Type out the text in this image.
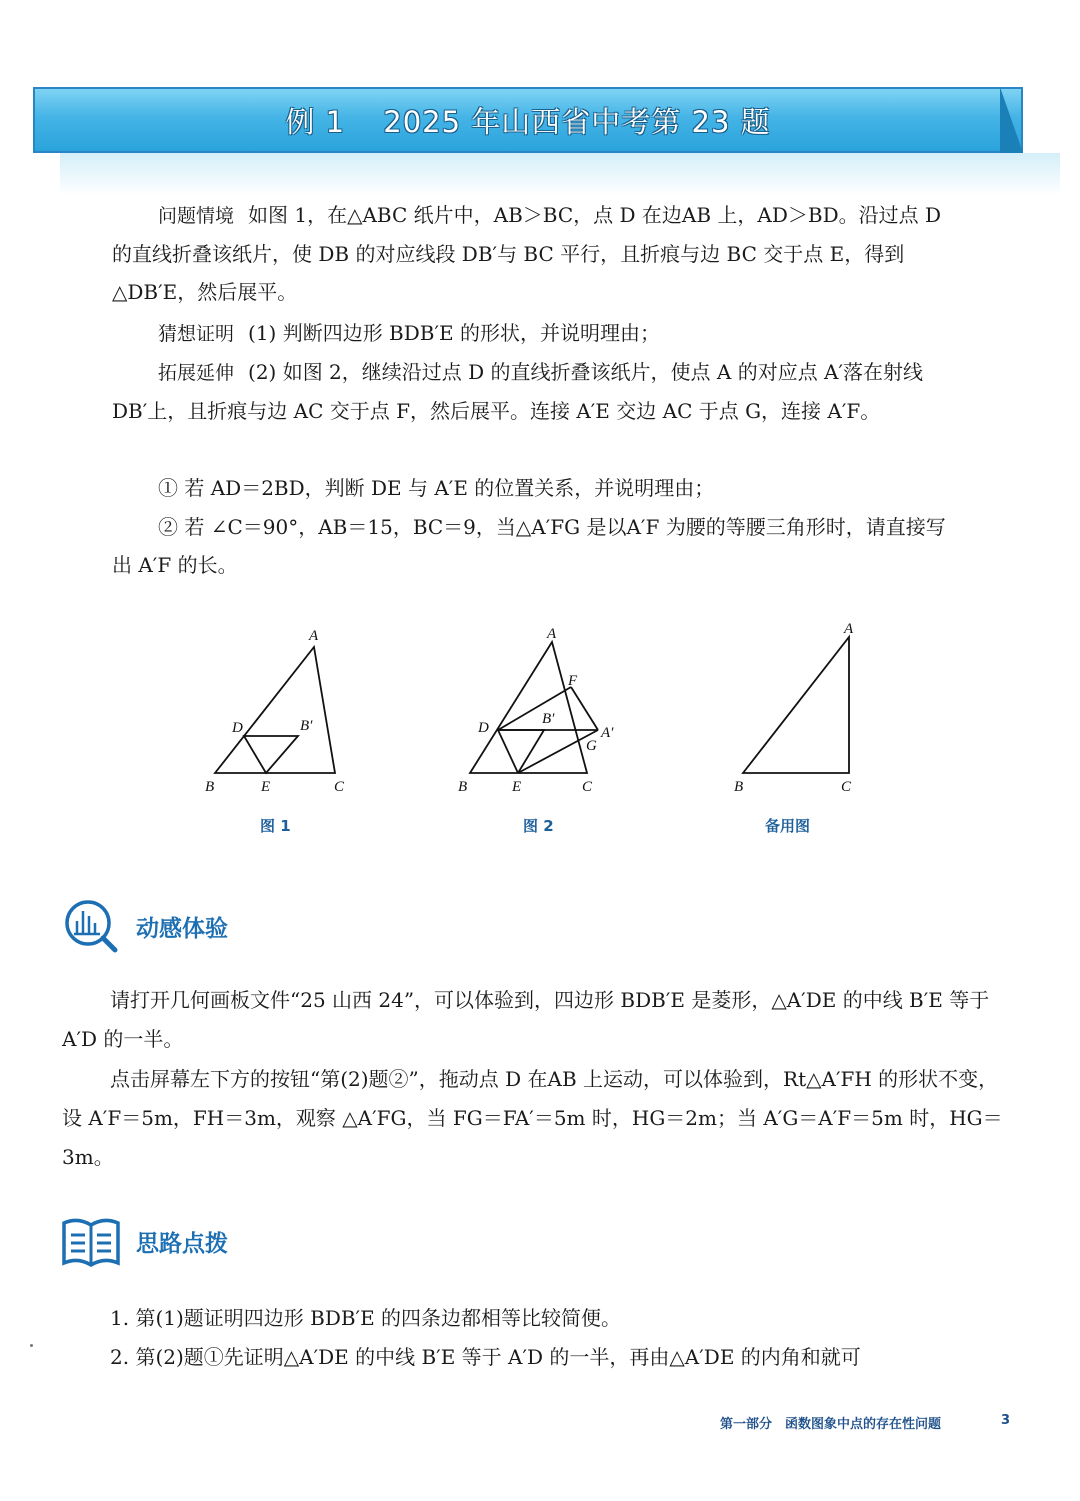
例 1 2025 年山西省中考第 23 题
问题情境 如图 1，在△ABC 纸片中，AB＞BC，点 D 在边AB 上，AD＞BD。沿过点 D 的直线折叠该纸片，使 DB 的对应线段 DB′与 BC 平行，且折痕与边 BC 交于点 E，得到△DB′E，然后展平。
猜想证明 (1) 判断四边形 BDB′E 的形状，并说明理由；
拓展延伸 (2) 如图 2，继续沿过点 D 的直线折叠该纸片，使点 A 的对应点 A′落在射线 DB′上，且折痕与边 AC 交于点 F，然后展平。连接 A′E 交边 AC 于点 G，连接 A′F。
① 若 AD＝2BD，判断 DE 与 A′E 的位置关系，并说明理由；
② 若 ∠C＝90°，AB＝15，BC＝9，当△A′FG 是以A′F 为腰的等腰三角形时，请直接写出 A′F 的长。
A
D	B′
B	E	C
图 1
A
F
D
B′
A′
G
B	E	C
图 2
A
B	C
备用图
动感体验
请打开几何画板文件“25 山西 24”，可以体验到，四边形 BDB′E 是菱形，△A′DE 的中线 B′E 等于A′D 的一半。
点击屏幕左下方的按钮“第(2)题②”，拖动点 D 在AB 上运动，可以体验到，Rt△A′FH 的形状不变，设 A′F＝5m，FH＝3m，观察 △A′FG，当 FG＝FA′＝5m 时，HG＝2m；当 A′G＝A′F＝5m 时，HG＝3m。
思路点拨
1. 第(1)题证明四边形 BDB′E 的四条边都相等比较简便。
2. 第(2)题①先证明△A′DE 的中线 B′E 等于 A′D 的一半，再由△A′DE 的内角和就可
第一部分　函数图象中点的存在性问题	3
